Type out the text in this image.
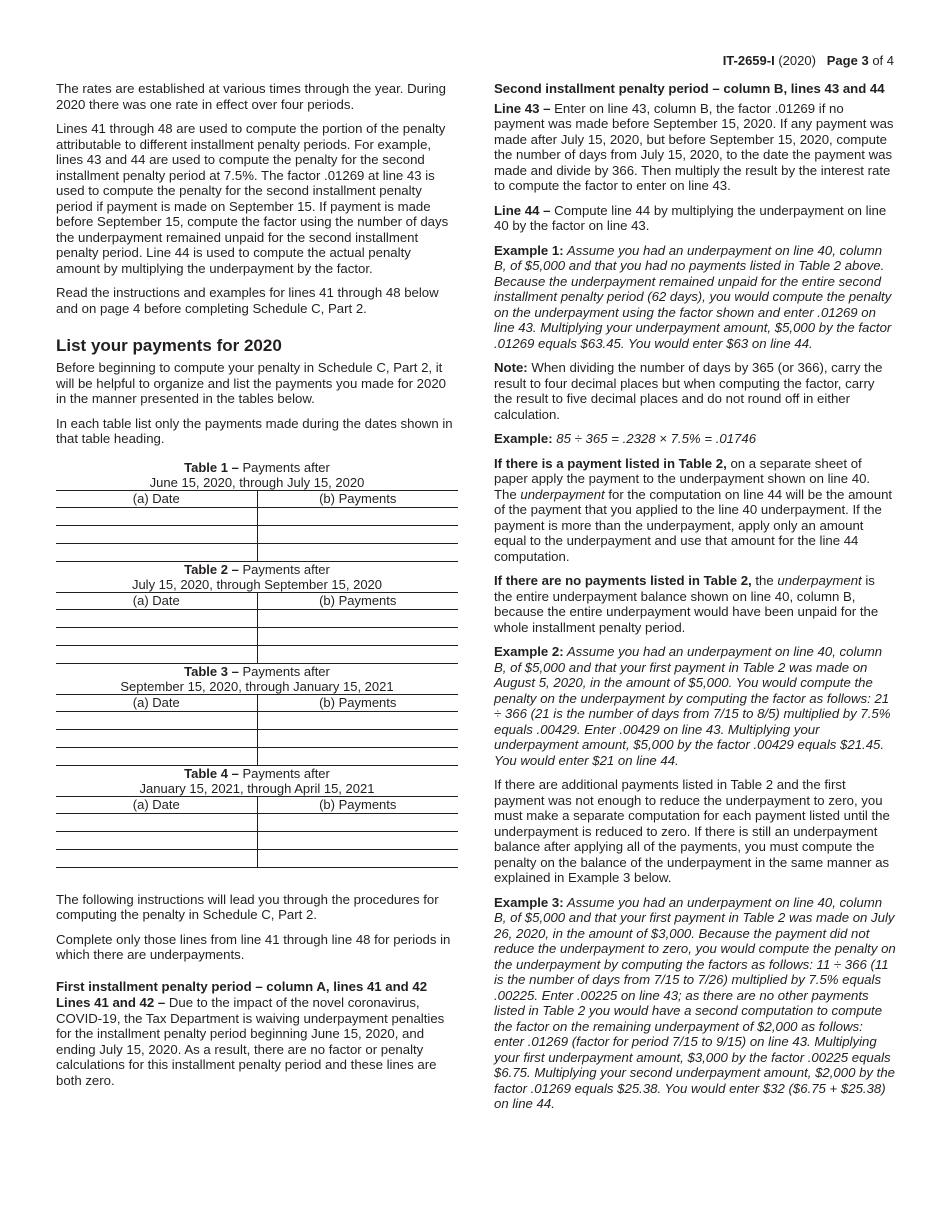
IT-2659-I (2020) Page 3 of 4

The rates are established at various times through the year. During 2020 there was one rate in effect over four periods.

Lines 41 through 48 are used to compute the portion of the penalty attributable to different installment penalty periods. For example, lines 43 and 44 are used to compute the penalty for the second installment penalty period at 7.5%. The factor .01269 at line 43 is used to compute the penalty for the second installment penalty period if payment is made on September 15. If payment is made before September 15, compute the factor using the number of days the underpayment remained unpaid for the second installment penalty period. Line 44 is used to compute the actual penalty amount by multiplying the underpayment by the factor.

Read the instructions and examples for lines 41 through 48 below and on page 4 before completing Schedule C, Part 2.

List your payments for 2020

Before beginning to compute your penalty in Schedule C, Part 2, it will be helpful to organize and list the payments you made for 2020 in the manner presented in the tables below.

In each table list only the payments made during the dates shown in that table heading.

Table 1 – Payments after	
June 15, 2020, through July 15, 2020	
(a) Date	(b) Payments

Table 2 – Payments after	
July 15, 2020, through September 15, 2020	
(a) Date	(b) Payments

Table 3 – Payments after	
September 15, 2020, through January 15, 2021	
(a) Date	(b) Payments

Table 4 – Payments after	
January 15, 2021, through April 15, 2021	
(a) Date	(b) Payments

The following instructions will lead you through the procedures for computing the penalty in Schedule C, Part 2.

Complete only those lines from line 41 through line 48 for periods in which there are underpayments.

First installment penalty period – column A, lines 41 and 42

Lines 41 and 42 – Due to the impact of the novel coronavirus, COVID-19, the Tax Department is waiving underpayment penalties for the installment penalty period beginning June 15, 2020, and ending July 15, 2020. As a result, there are no factor or penalty calculations for this installment penalty period and these lines are both zero.

Second installment penalty period – column B, lines 43 and 44

Line 43 – Enter on line 43, column B, the factor .01269 if no payment was made before September 15, 2020. If any payment was made after July 15, 2020, but before September 15, 2020, compute the number of days from July 15, 2020, to the date the payment was made and divide by 366. Then multiply the result by the interest rate to compute the factor to enter on line 43.

Line 44 – Compute line 44 by multiplying the underpayment on line 40 by the factor on line 43.

Example 1: Assume you had an underpayment on line 40, column B, of $5,000 and that you had no payments listed in Table 2 above. Because the underpayment remained unpaid for the entire second installment penalty period (62 days), you would compute the penalty on the underpayment using the factor shown and enter .01269 on line 43. Multiplying your underpayment amount, $5,000 by the factor .01269 equals $63.45. You would enter $63 on line 44.

Note: When dividing the number of days by 365 (or 366), carry the result to four decimal places but when computing the factor, carry the result to five decimal places and do not round off in either calculation.

Example: 85 ÷ 365 = .2328 × 7.5% = .01746

If there is a payment listed in Table 2, on a separate sheet of paper apply the payment to the underpayment shown on line 40. The underpayment for the computation on line 44 will be the amount of the payment that you applied to the line 40 underpayment. If the payment is more than the underpayment, apply only an amount equal to the underpayment and use that amount for the line 44 computation.

If there are no payments listed in Table 2, the underpayment is the entire underpayment balance shown on line 40, column B, because the entire underpayment would have been unpaid for the whole installment penalty period.

Example 2: Assume you had an underpayment on line 40, column B, of $5,000 and that your first payment in Table 2 was made on August 5, 2020, in the amount of $5,000. You would compute the penalty on the underpayment by computing the factor as follows: 21 ÷ 366 (21 is the number of days from 7/15 to 8/5) multiplied by 7.5% equals .00429. Enter .00429 on line 43. Multiplying your underpayment amount, $5,000 by the factor .00429 equals $21.45. You would enter $21 on line 44.

If there are additional payments listed in Table 2 and the first payment was not enough to reduce the underpayment to zero, you must make a separate computation for each payment listed until the underpayment is reduced to zero. If there is still an underpayment balance after applying all of the payments, you must compute the penalty on the balance of the underpayment in the same manner as explained in Example 3 below.

Example 3: Assume you had an underpayment on line 40, column B, of $5,000 and that your first payment in Table 2 was made on July 26, 2020, in the amount of $3,000. Because the payment did not reduce the underpayment to zero, you would compute the penalty on the underpayment by computing the factors as follows: 11 ÷ 366 (11 is the number of days from 7/15 to 7/26) multiplied by 7.5% equals .00225. Enter .00225 on line 43; as there are no other payments listed in Table 2 you would have a second computation to compute the factor on the remaining underpayment of $2,000 as follows: enter .01269 (factor for period 7/15 to 9/15) on line 43. Multiplying your first underpayment amount, $3,000 by the factor .00225 equals $6.75. Multiplying your second underpayment amount, $2,000 by the factor .01269 equals $25.38. You would enter $32 ($6.75 + $25.38) on line 44.
